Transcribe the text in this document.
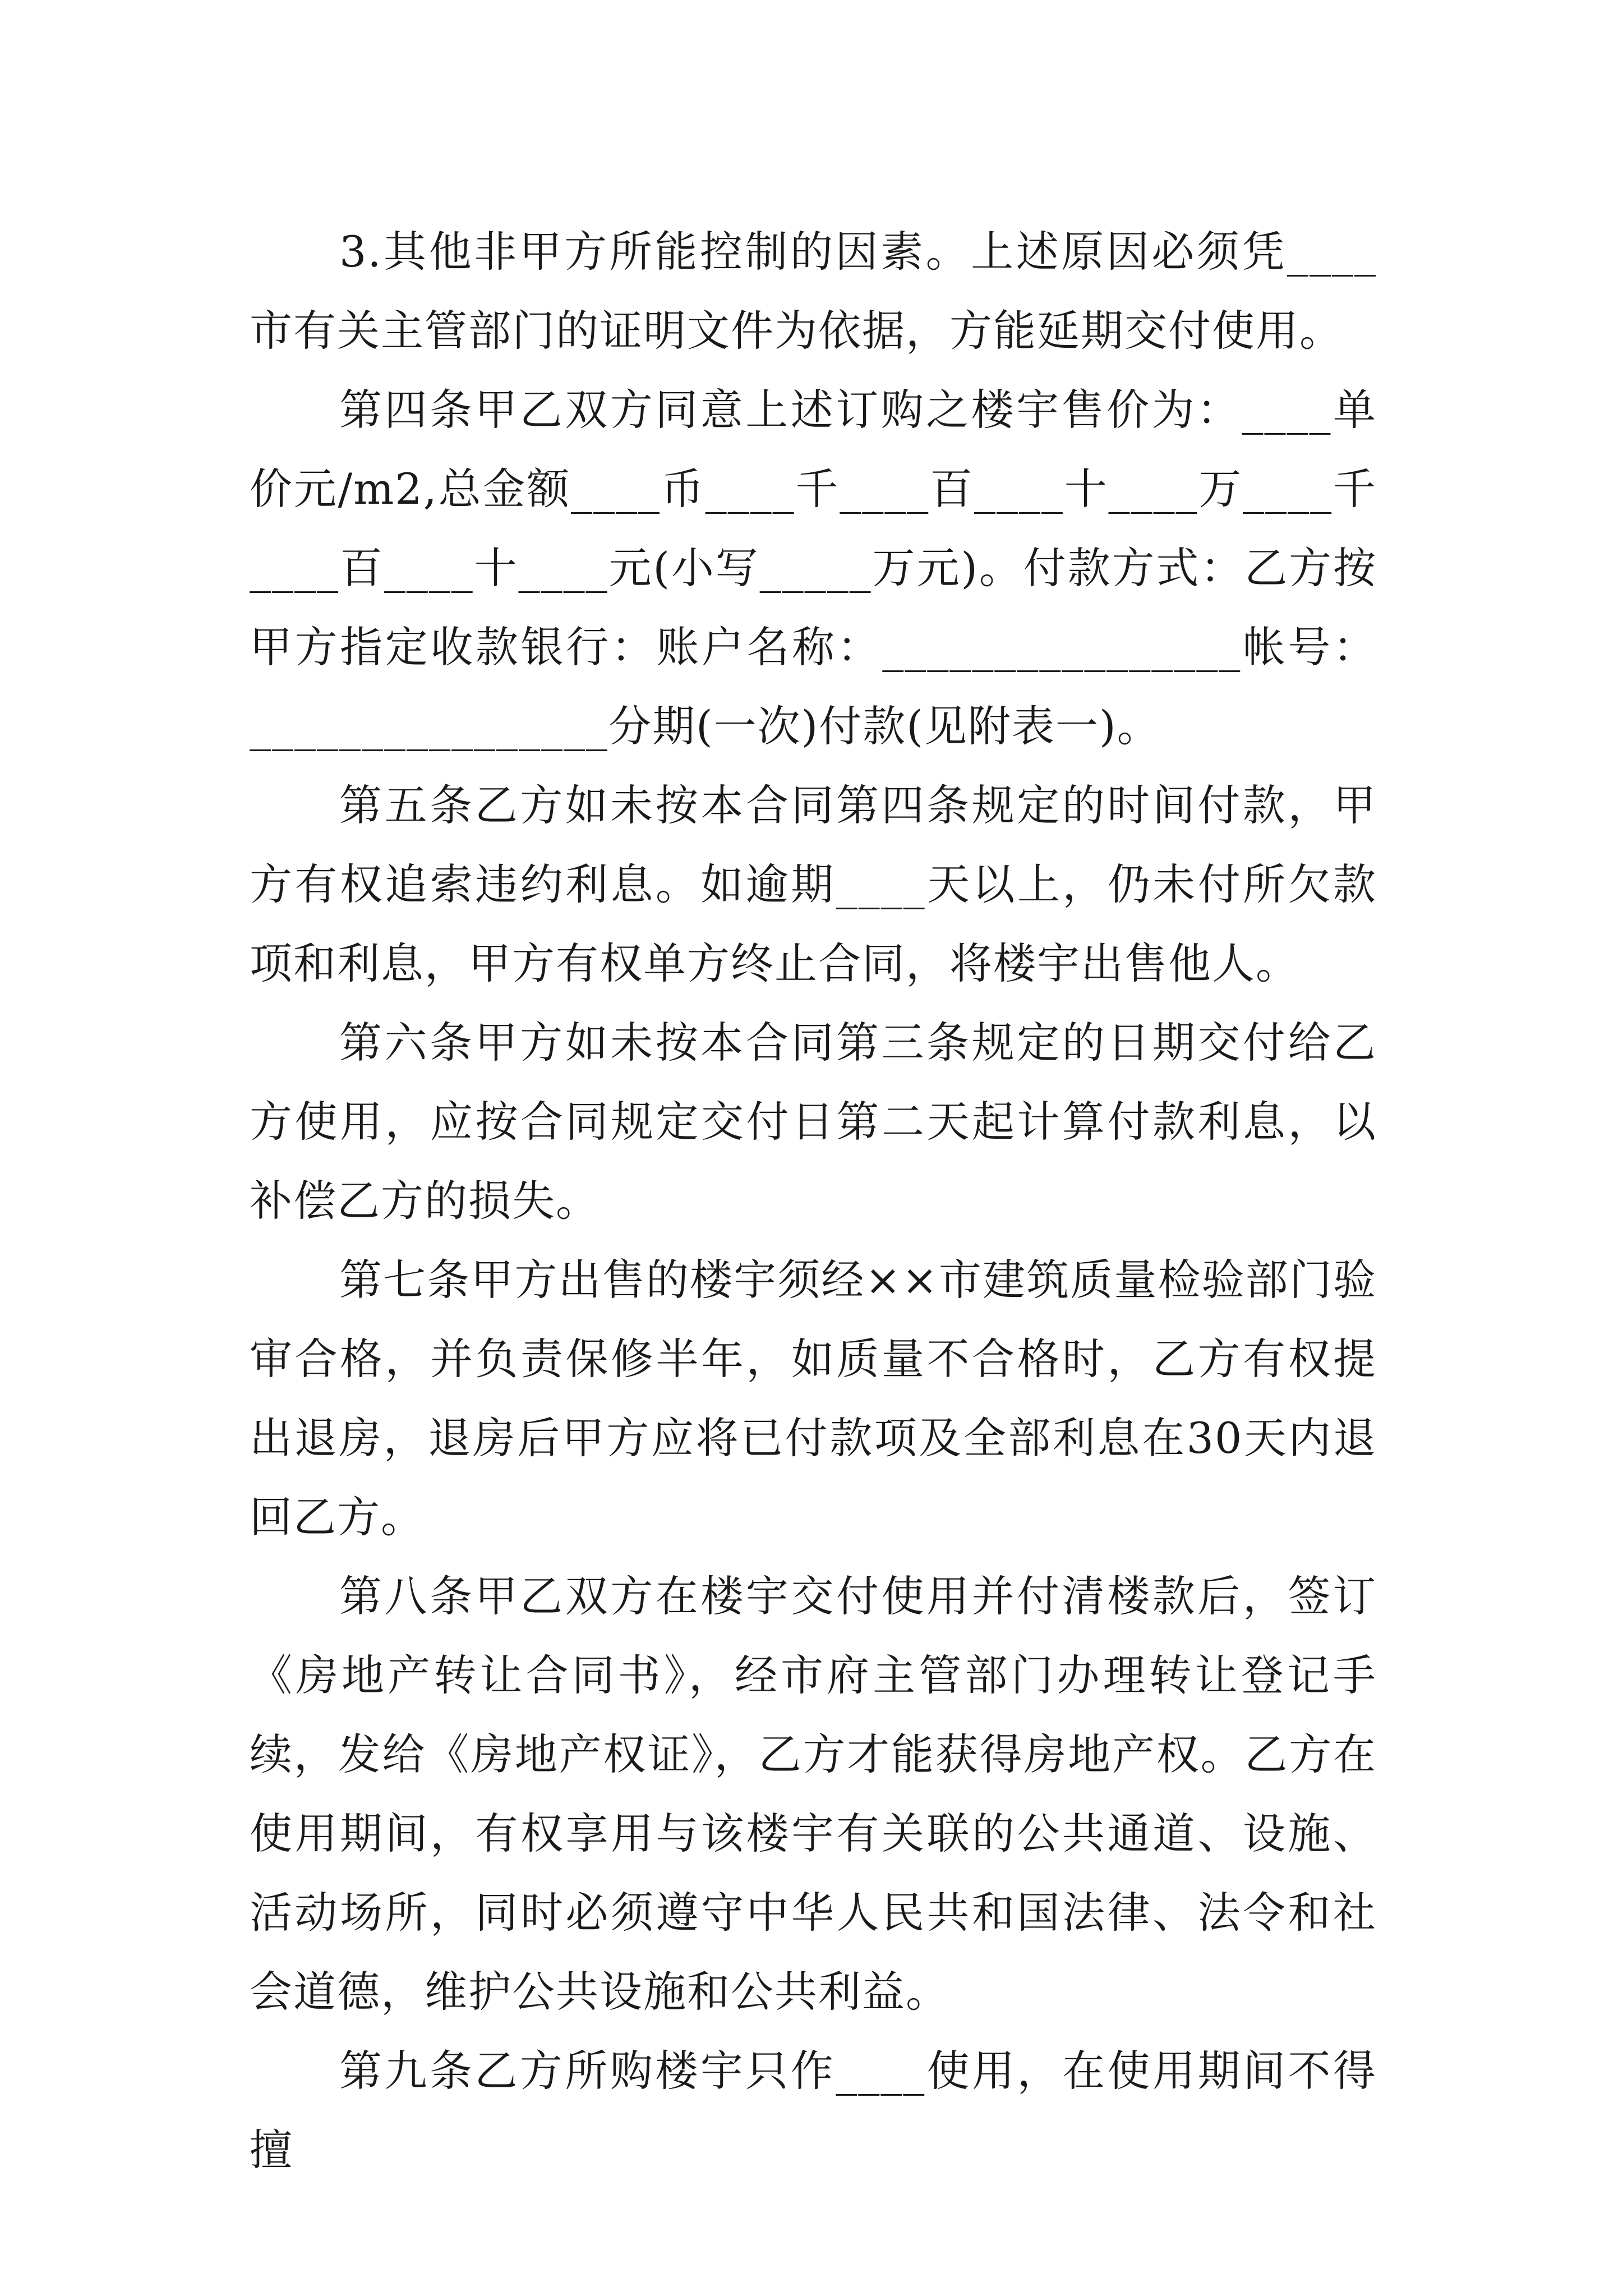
3.其他非甲方所能控制的因素。上述原因必须凭____市有关主管部门的证明文件为依据，方能延期交付使用。

第四条甲乙双方同意上述订购之楼宇售价为：____单价元/m2,总金额____币____千____百____十____万____千____百____十____元(小写_____万元)。付款方式：乙方按甲方指定收款银行：账户名称：________________帐号：________________分期(一次)付款(见附表一)。

第五条乙方如未按本合同第四条规定的时间付款，甲方有权追索违约利息。如逾期____天以上，仍未付所欠款项和利息，甲方有权单方终止合同，将楼宇出售他人。

第六条甲方如未按本合同第三条规定的日期交付给乙方使用，应按合同规定交付日第二天起计算付款利息，以补偿乙方的损失。

第七条甲方出售的楼宇须经××市建筑质量检验部门验审合格，并负责保修半年，如质量不合格时，乙方有权提出退房，退房后甲方应将已付款项及全部利息在30天内退回乙方。

第八条甲乙双方在楼宇交付使用并付清楼款后，签订《房地产转让合同书》，经市府主管部门办理转让登记手续，发给《房地产权证》，乙方才能获得房地产权。乙方在使用期间，有权享用与该楼宇有关联的公共通道、设施、活动场所，同时必须遵守中华人民共和国法律、法令和社会道德，维护公共设施和公共利益。

第九条乙方所购楼宇只作____使用，在使用期间不得擅
